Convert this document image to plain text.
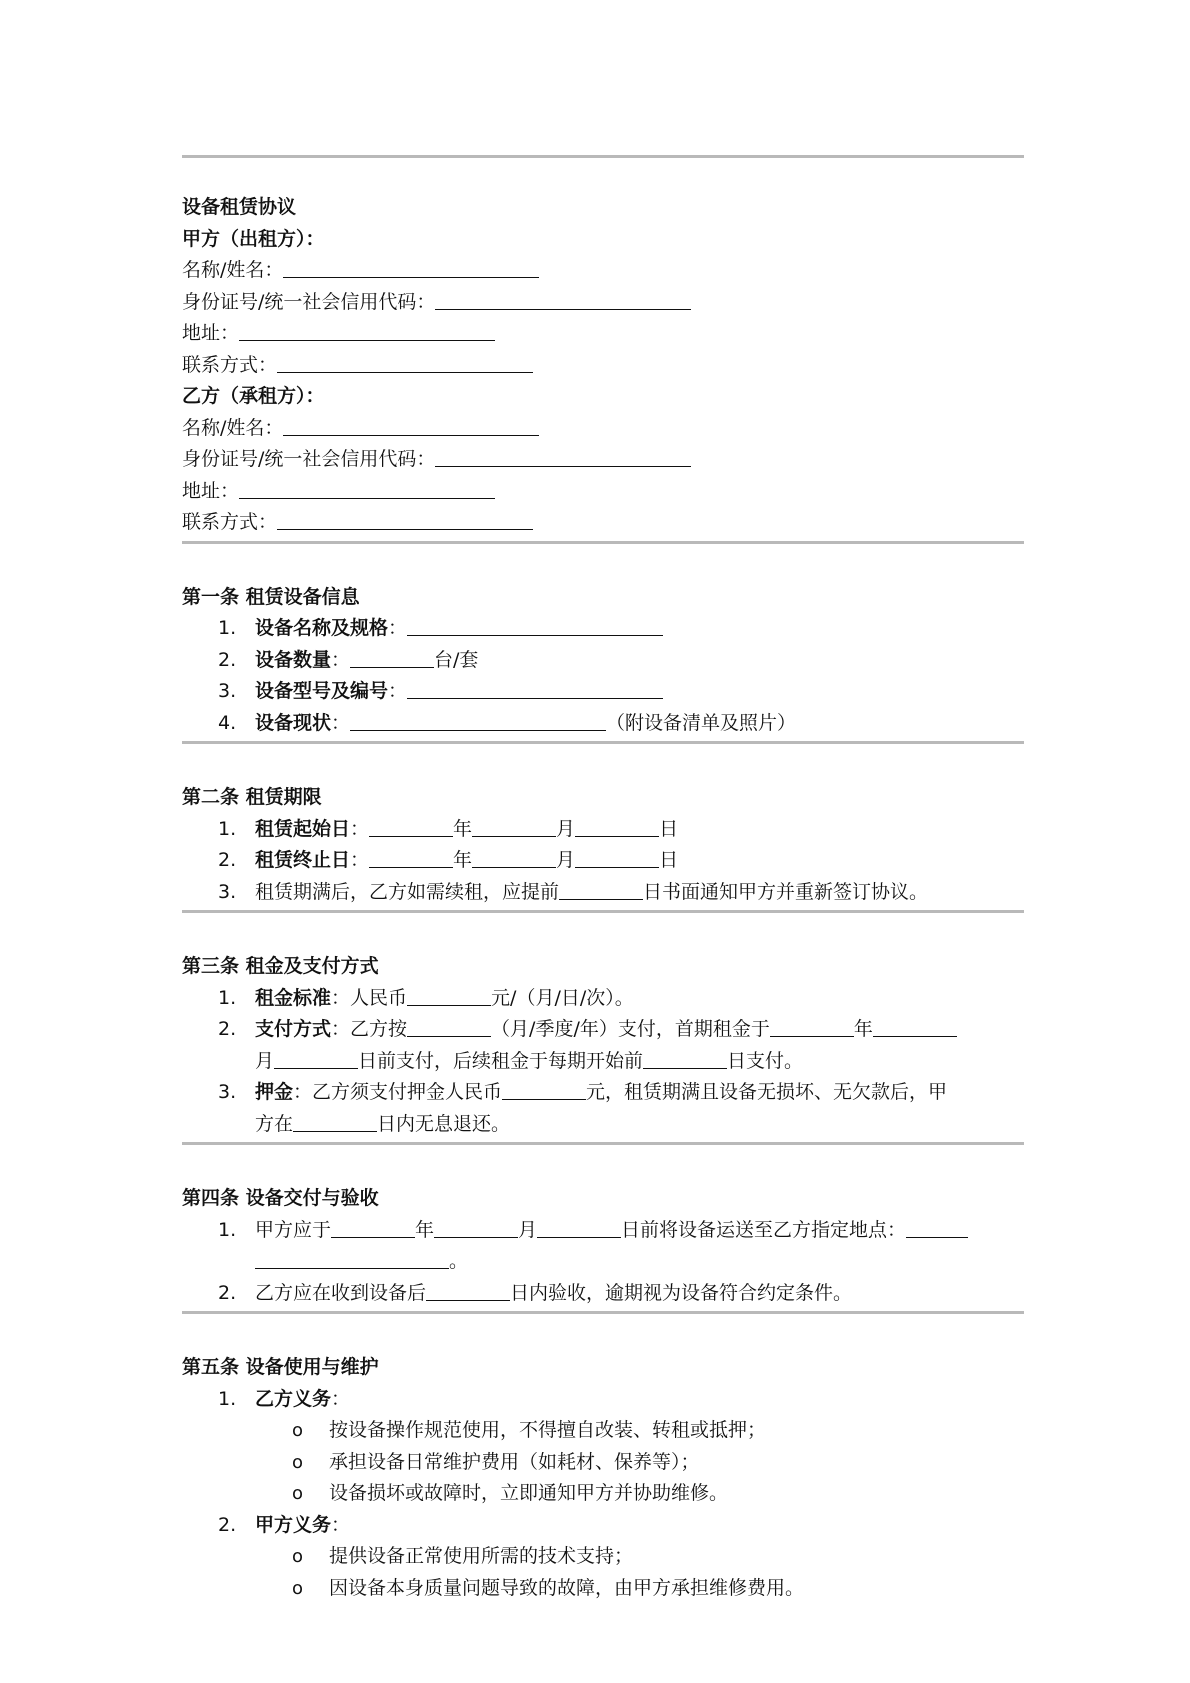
设备租赁协议
甲方（出租方）：
名称/姓名：
身份证号/统一社会信用代码：
地址：
联系方式：
乙方（承租方）：
名称/姓名：
身份证号/统一社会信用代码：
地址：
联系方式：
第一条 租赁设备信息
1. 设备名称及规格：
2. 设备数量：	台/套
3. 设备型号及编号：
4. 设备现状：	（附设备清单及照片）
第二条 租赁期限
1. 租赁起始日：	年	月	日
2. 租赁终止日：	年	月	日
3. 租赁期满后，乙方如需续租，应提前	日书面通知甲方并重新签订协议。
第三条 租金及支付方式
1. 租金标准：人民币	元/（月/日/次）。
2. 支付方式：乙方按	（月/季度/年）支付，首期租金于	年
月	日前支付，后续租金于每期开始前	日支付。
3. 押金：乙方须支付押金人民币	元，租赁期满且设备无损坏、无欠款后，甲
方在	日内无息退还。
第四条 设备交付与验收
1. 甲方应于	年	月	日前将设备运送至乙方指定地点：
。
2. 乙方应在收到设备后	日内验收，逾期视为设备符合约定条件。
第五条 设备使用与维护
1. 乙方义务：
o 按设备操作规范使用，不得擅自改装、转租或抵押；
o 承担设备日常维护费用（如耗材、保养等）；
o 设备损坏或故障时，立即通知甲方并协助维修。
2. 甲方义务：
o 提供设备正常使用所需的技术支持；
o 因设备本身质量问题导致的故障，由甲方承担维修费用。
